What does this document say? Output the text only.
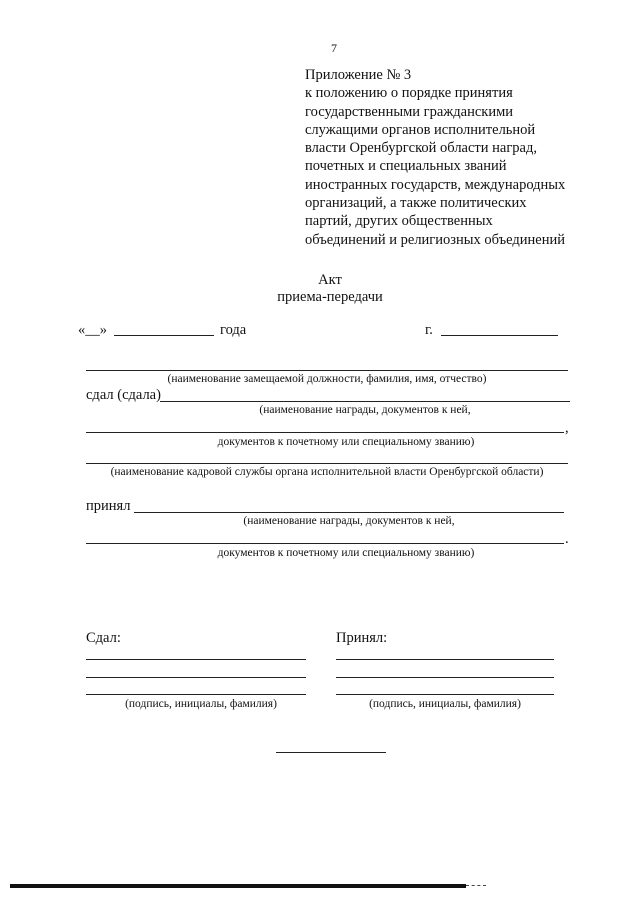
7
Приложение № 3
к положению о порядке принятия
государственными гражданскими
служащими органов исполнительной
власти Оренбургской области наград,
почетных и специальных званий
иностранных государств, международных
организаций, а также политических
партий, других общественных
объединений и религиозных объединений
Акт
приема-передачи
«__»	года	г.
(наименование замещаемой должности, фамилия, имя, отчество)
сдал (сдала)
(наименование награды, документов к ней,
,
документов к почетному или специальному званию)
(наименование кадровой службы органа исполнительной власти Оренбургской области)
принял
(наименование награды, документов к ней,
.
документов к почетному или специальному званию)
Сдал:	Принял:
(подпись, инициалы, фамилия)	(подпись, инициалы, фамилия)
